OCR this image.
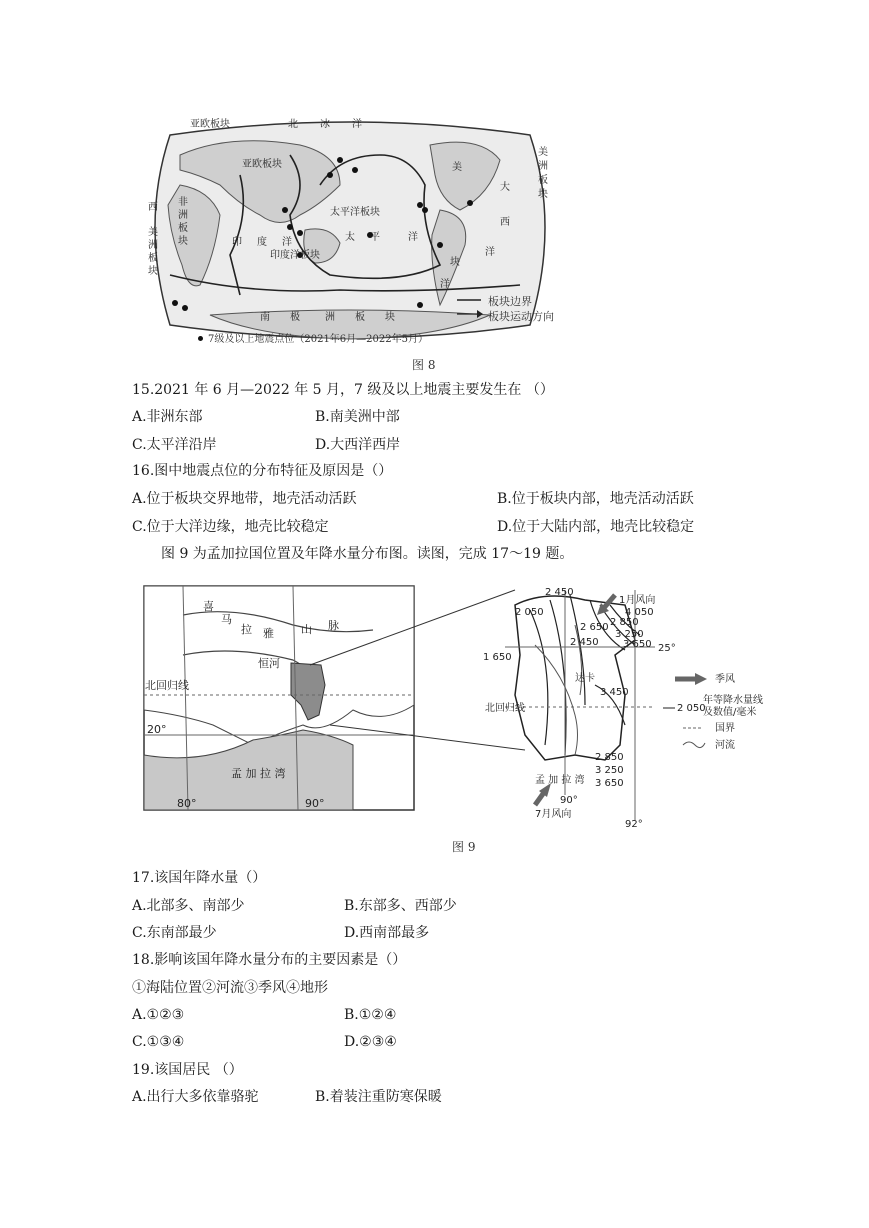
北 冰 洋
亚欧板块
亚欧板块
太平洋板块
印度洋板块
太 平	洋
印 度 洋
南 极	洲 板 块
非
洲
板
块
西
美
洲
板
块
美
大
西
洋
美
洲
板
块
洋
块
板块边界
板块运动方向
7级及以上地震点位（2021年6月—2022年5月）
图 8
15.2021 年 6 月—2022 年 5 月，7 级及以上地震主要发生在 （）
A.非洲东部	B.南美洲中部
C.太平洋沿岸	D.大西洋西岸
16.图中地震点位的分布特征及原因是（）
A.位于板块交界地带，地壳活动活跃	B.位于板块内部，地壳活动活跃
C.位于大洋边缘，地壳比较稳定	D.位于大陆内部，地壳比较稳定
图 9 为孟加拉国位置及年降水量分布图。读图，完成 17～19 题。
喜
马
拉 雅 山 脉
恒河
北回归线
20°
80°	90°
孟 加 拉 湾
1月风向
7月风向
25°
北回归线
90°
92°
达卡
孟 加 拉 湾
2 050
2 450
2 850
3 250
3 650
4 050
1 650
2 450
2 650
3 450
2 850
3 250
3 650
季风
2 050
年等降水量线
及数值/毫米
国界
河流
图 9
17.该国年降水量（）
A.北部多、南部少	B.东部多、西部少
C.东南部最少	D.西南部最多
18.影响该国年降水量分布的主要因素是（）
①海陆位置②河流③季风④地形
A.①②③	B.①②④
C.①③④	D.②③④
19.该国居民 （）
A.出行大多依靠骆驼	B.着装注重防寒保暖
